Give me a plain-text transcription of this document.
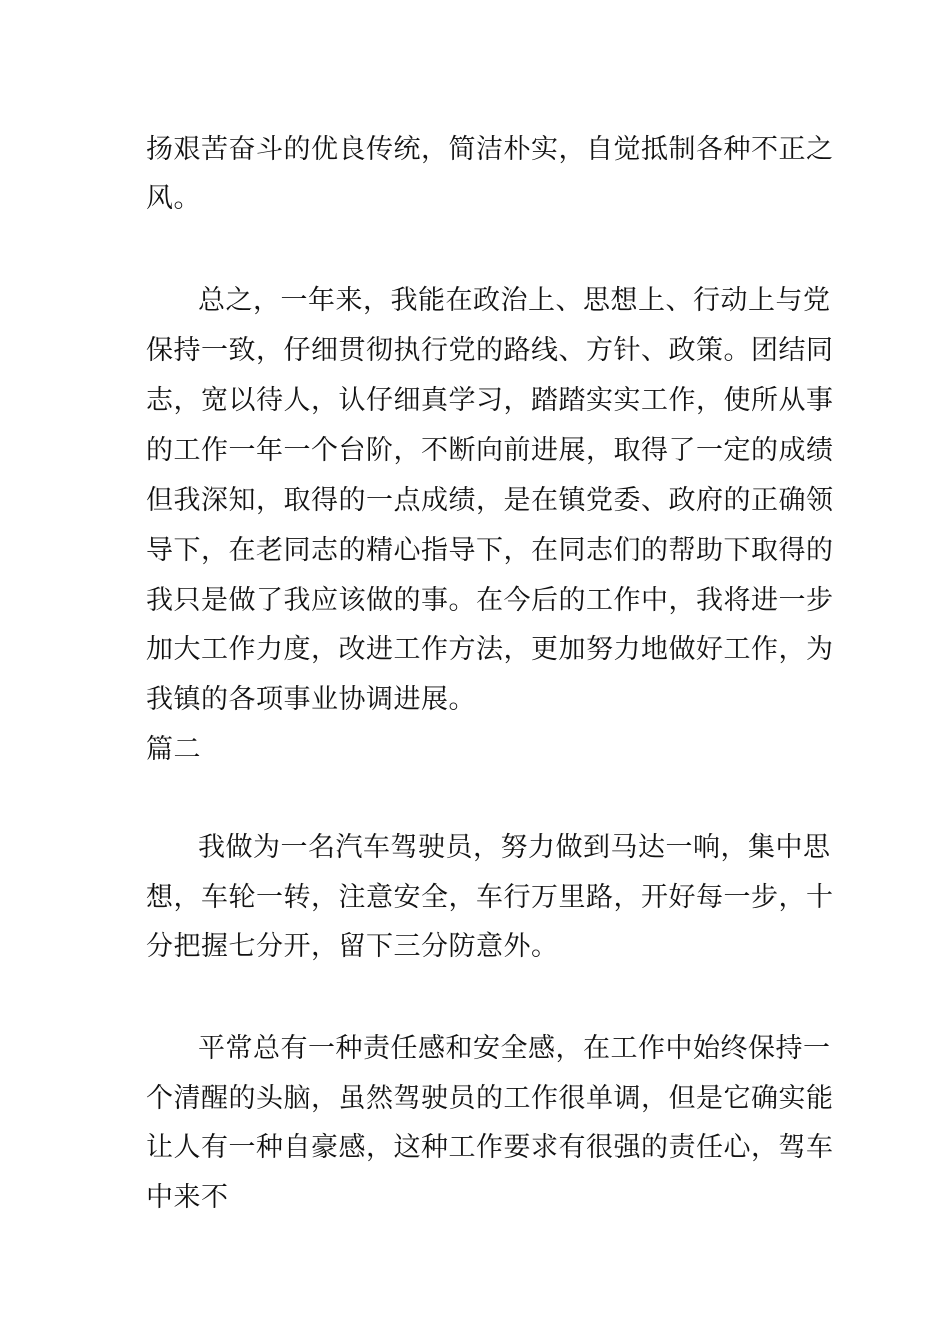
扬艰苦奋斗的优良传统，简洁朴实，自觉抵制各种不正之
风。
总之，一年来，我能在政治上、思想上、行动上与党
保持一致，仔细贯彻执行党的路线、方针、政策。团结同
志，宽以待人，认仔细真学习，踏踏实实工作，使所从事
的工作一年一个台阶，不断向前进展，取得了一定的成绩
但我深知，取得的一点成绩，是在镇党委、政府的正确领
导下，在老同志的精心指导下，在同志们的帮助下取得的
我只是做了我应该做的事。在今后的工作中，我将进一步
加大工作力度，改进工作方法，更加努力地做好工作，为
我镇的各项事业协调进展。
篇二
我做为一名汽车驾驶员，努力做到马达一响，集中思
想，车轮一转，注意安全，车行万里路，开好每一步，十
分把握七分开，留下三分防意外。
平常总有一种责任感和安全感，在工作中始终保持一
个清醒的头脑，虽然驾驶员的工作很单调，但是它确实能
让人有一种自豪感，这种工作要求有很强的责任心，驾车
中来不
